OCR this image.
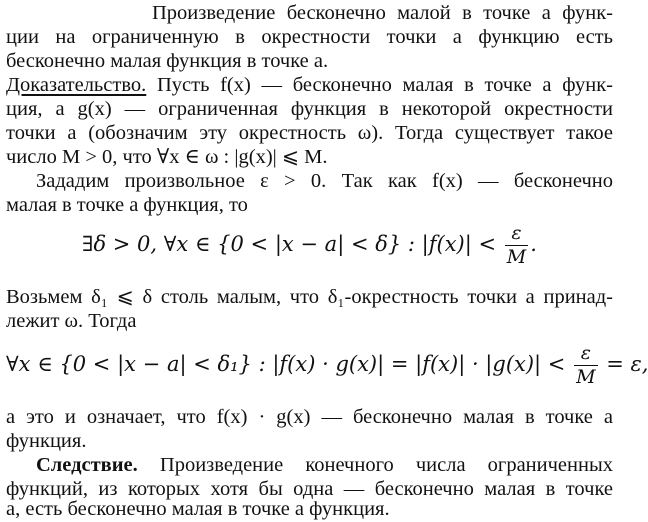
Произведение бесконечно малой в точке a функ-
ции на ограниченную в окрестности точки a функцию есть
бесконечно малая функция в точке a.
Доказательство. Пусть f(x) — бесконечно малая в точке a функ-
ция, a g(x) — ограниченная функция в некоторой окрестности
точки a (обозначим эту окрестность ω). Тогда существует такое
число M > 0, что ∀x ∈ ω : |g(x)| ⩽ M.
Зададим произвольное ε > 0. Так как f(x) — бесконечно
малая в точке a функция, то
∃δ > 0, ∀x ∈ {0 < |x − a| < δ} : $|f(x)| < \frac{\varepsilon}{M}$ .
Возьмем δ₁ ⩽ δ столь малым, что δ₁-окрестность точки a принад-
лежит ω. Тогда
∀x ∈ {0 < |x − a| < δ₁} : $|f(x) \cdot g(x)| = |f(x)| \cdot |g(x)| < \frac{\varepsilon}{M} = \varepsilon$,
а это и означает, что f(x) · g(x) — бесконечно малая в точке a
функция.
Следствие. Произведение конечного числа ограниченных
функций, из которых хотя бы одна — бесконечно малая в точке
a, есть бесконечно малая в точке a функция.
